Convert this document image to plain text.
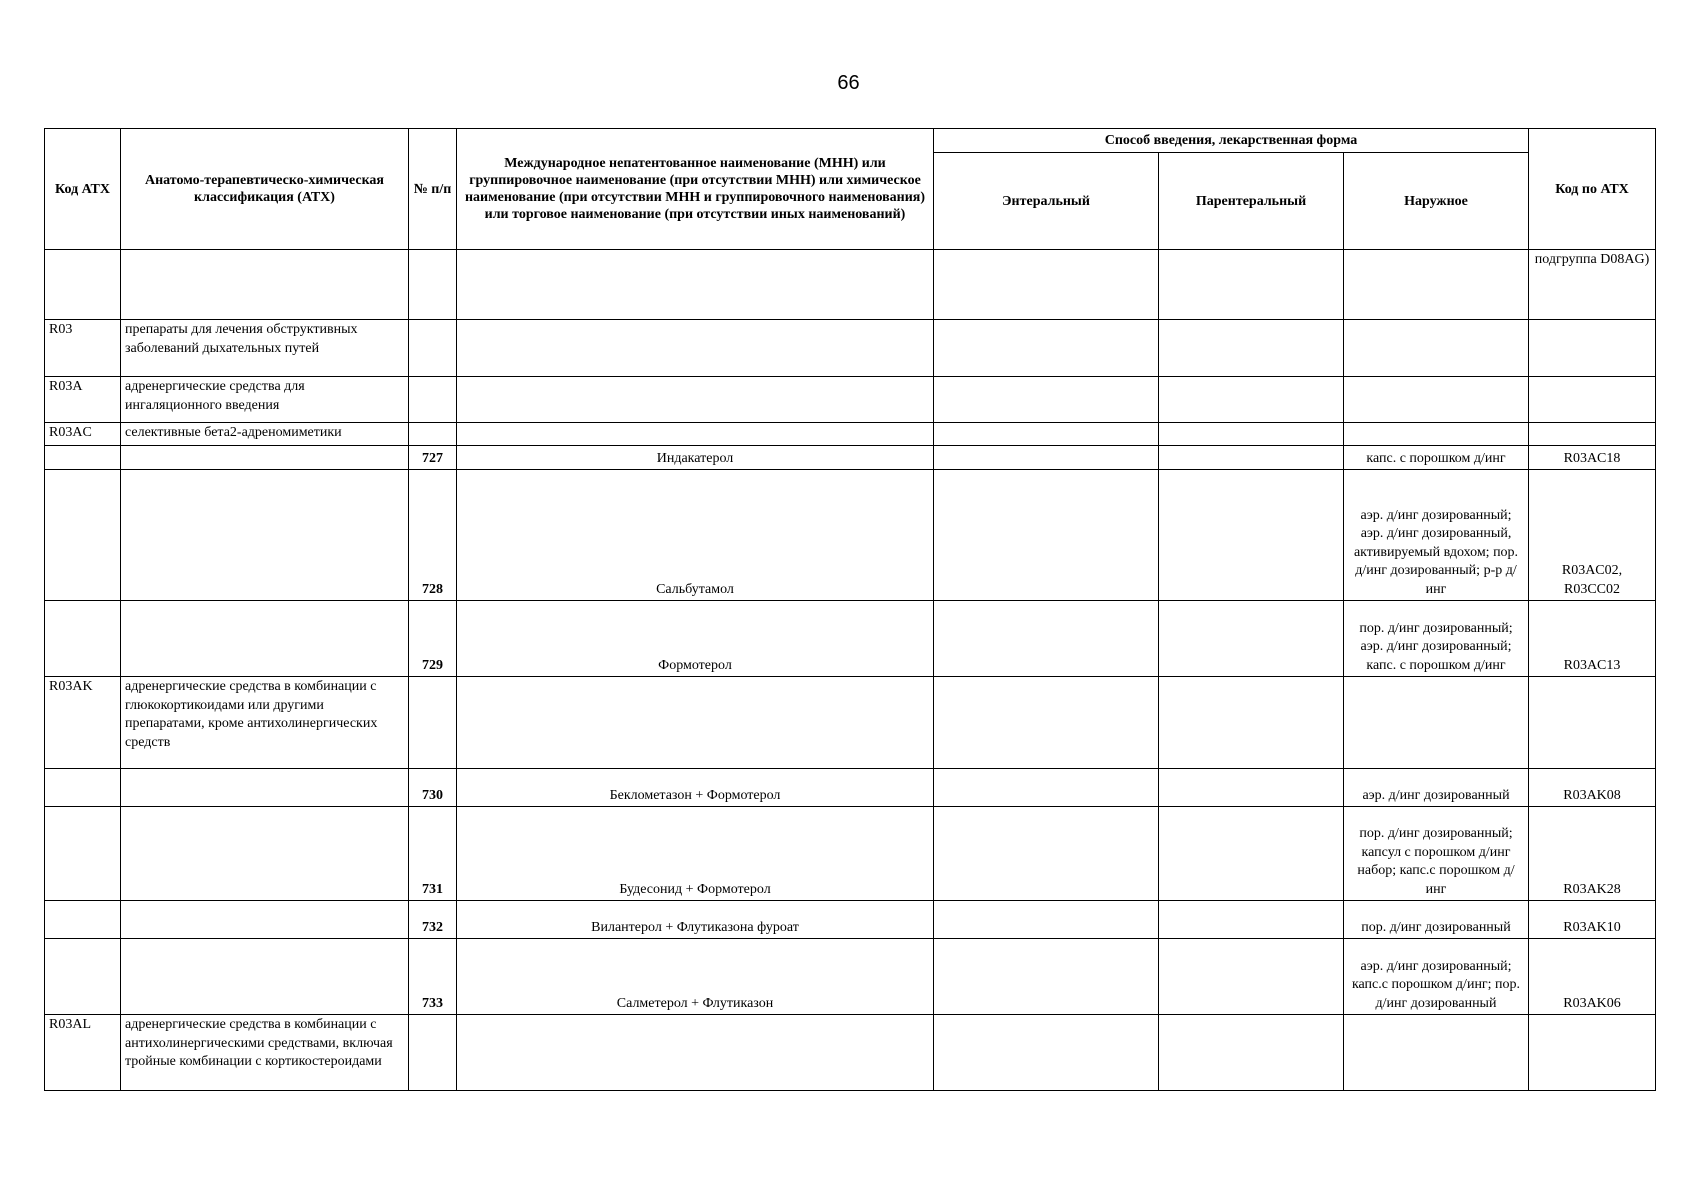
66
Код АТХ	Анатомо-терапевтическо-химическая классификация (АТХ)	№ п/п	Международное непатентованное наименование (МНН) или группировочное наименование (при отсутствии МНН) или химическое наименование (при отсутствии МНН и группировочного наименования) или торговое наименование (при отсутствии иных наименований)	Способ введения, лекарственная форма			Код по АТХ
				Энтеральный	Парентеральный	Наружное	
							подгруппа D08AG)
R03	препараты для лечения обструктивных заболеваний дыхательных путей						
R03A	адренергические средства для ингаляционного введения						
R03AC	селективные бета2-адреномиметики						
		727	Индакатерол			капс. с порошком д/инг	R03AC18
		728	Сальбутамол			аэр. д/инг дозированный; аэр. д/инг дозированный, активируемый вдохом; пор. д/инг дозированный; р-р д/инг	R03AC02, R03CC02
		729	Формотерол			пор. д/инг дозированный; аэр. д/инг дозированный; капс. с порошком д/инг	R03AC13
R03AK	адренергические средства в комбинации с глюкокортикоидами или другими препаратами, кроме антихолинергических средств						
		730	Беклометазон + Формотерол			аэр. д/инг дозированный	R03AK08
		731	Будесонид + Формотерол			пор. д/инг дозированный; капсул с порошком д/инг набор; капс.с порошком д/инг	R03AK28
		732	Вилантерол + Флутиказона фуроат			пор. д/инг дозированный	R03AK10
		733	Салметерол + Флутиказон			аэр. д/инг дозированный; капс.с порошком д/инг; пор. д/инг дозированный	R03AK06
R03AL	адренергические средства в комбинации с антихолинергическими средствами, включая тройные комбинации с кортикостероидами						
